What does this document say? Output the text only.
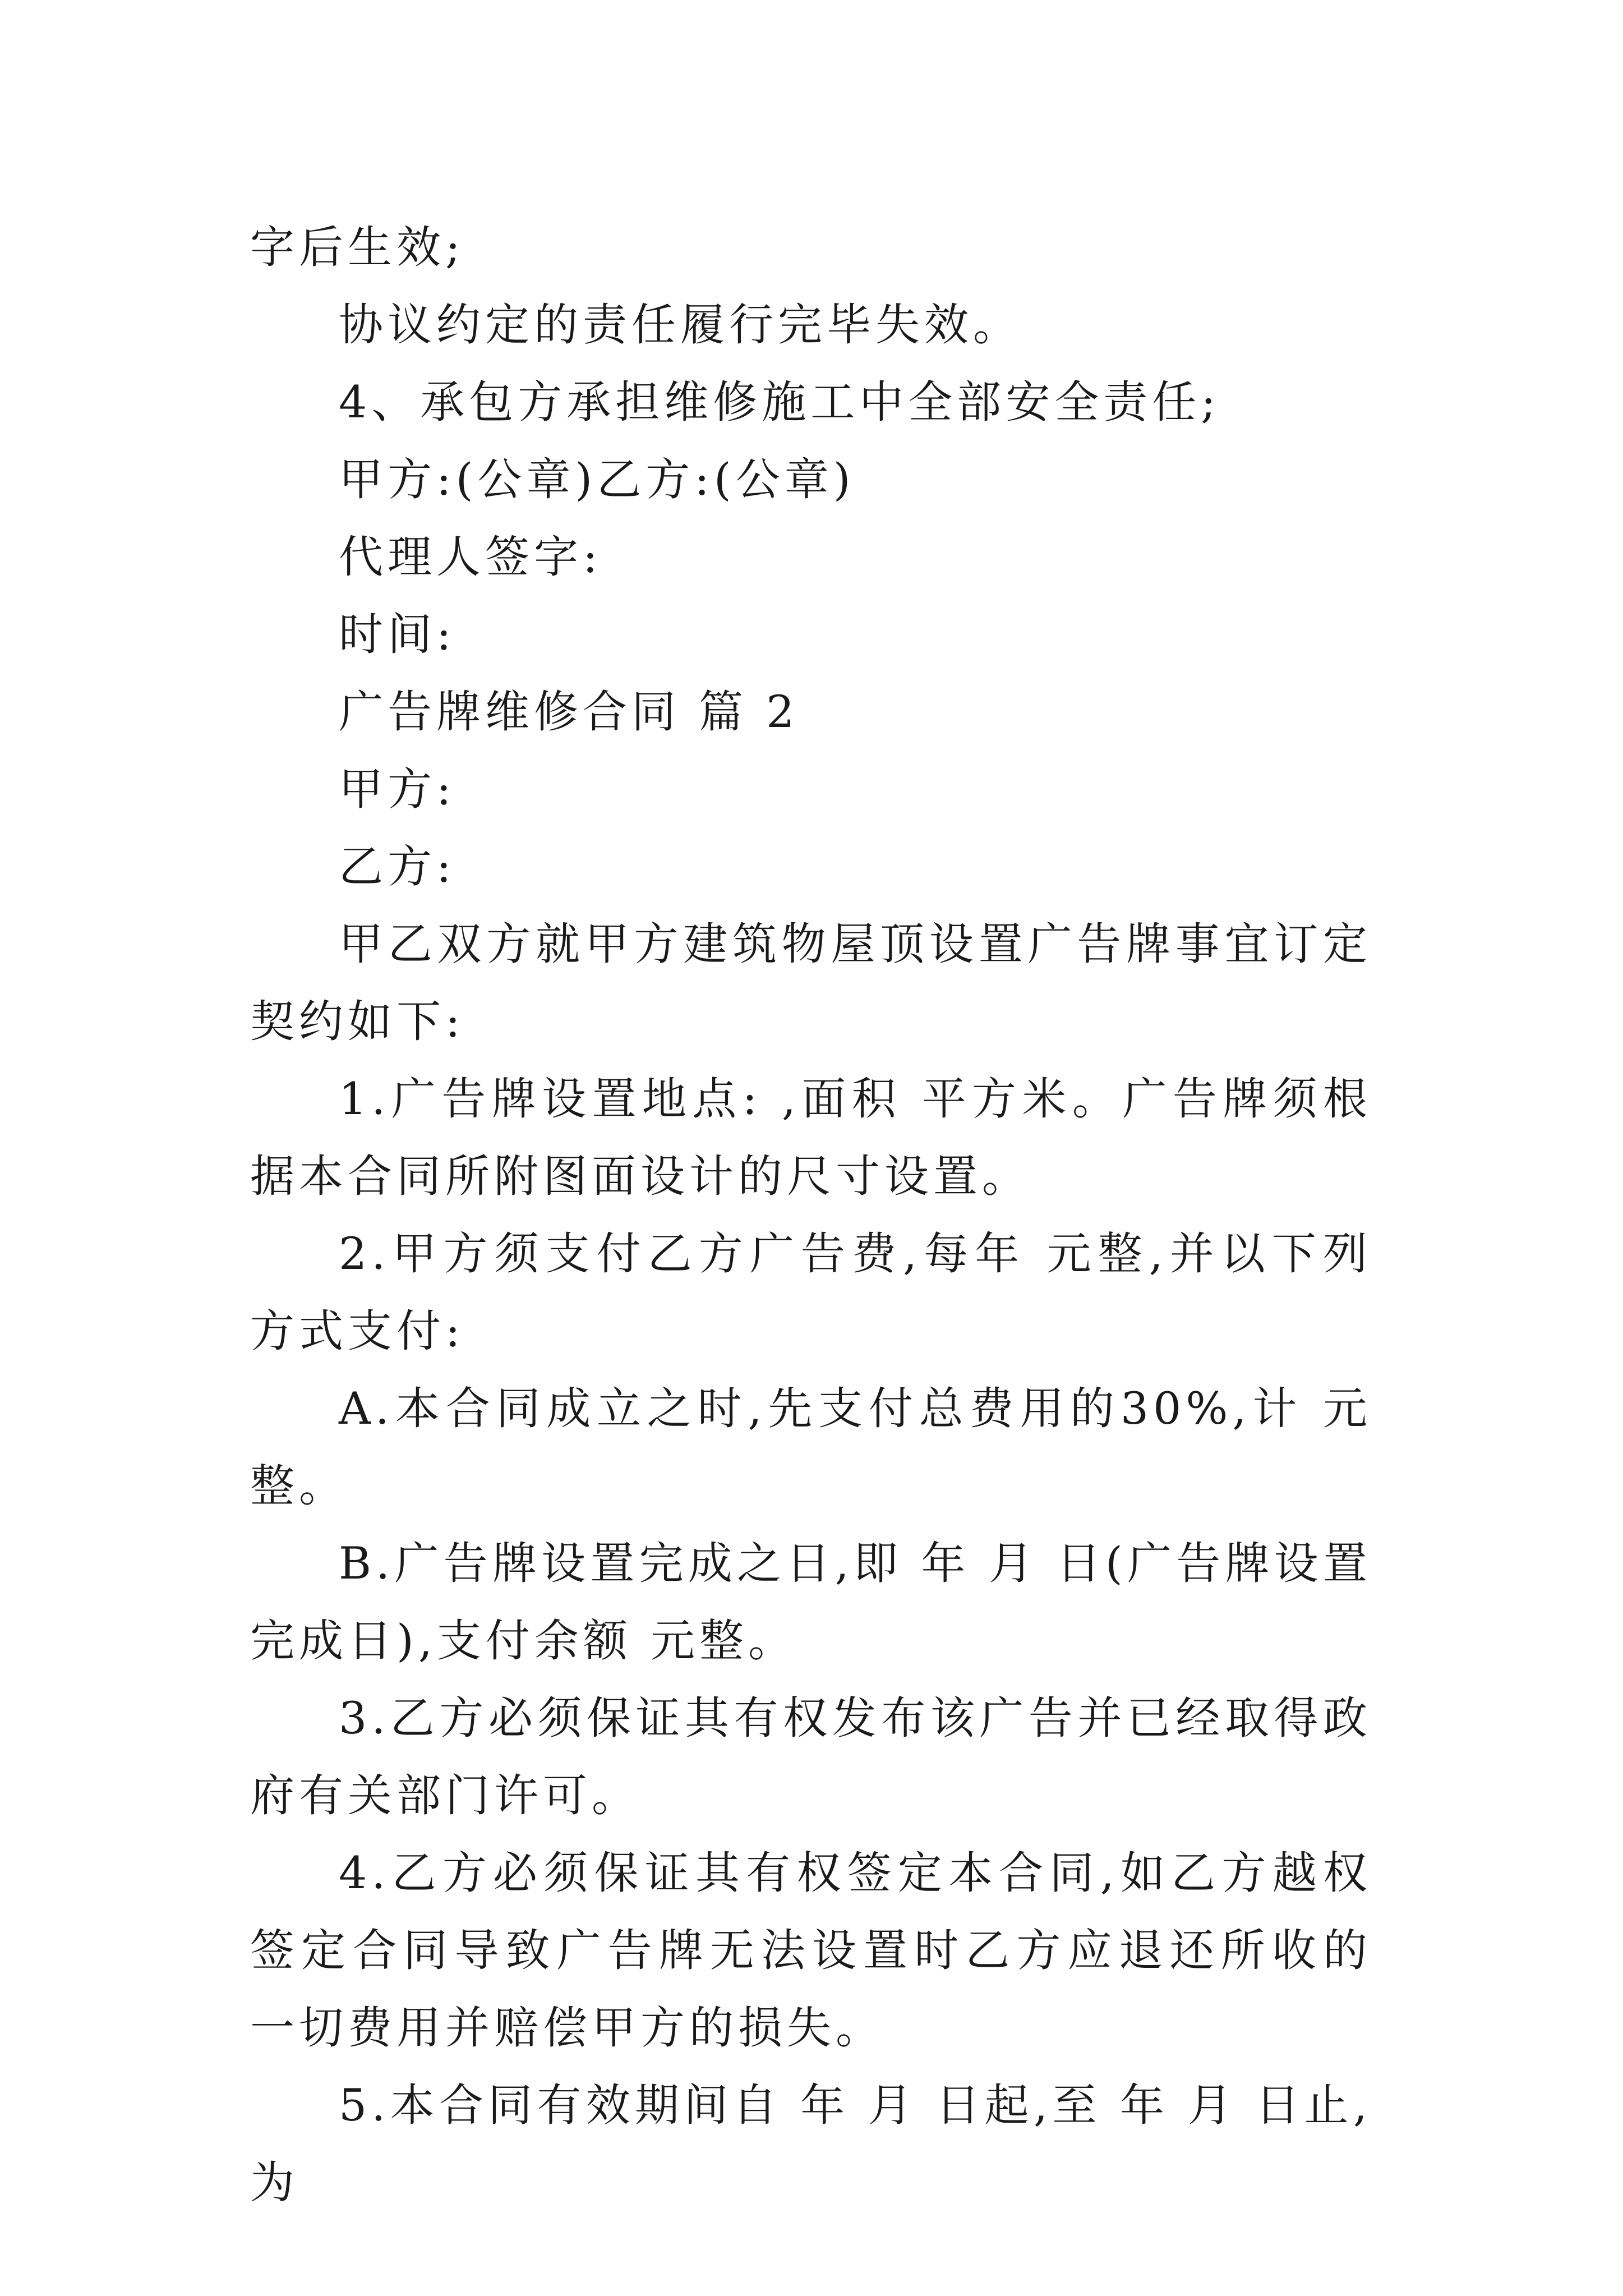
字后生效;

协议约定的责任履行完毕失效。

4、承包方承担维修施工中全部安全责任;

甲方:(公章)乙方:(公章)

代理人签字:

时间:

广告牌维修合同 篇 2

甲方:

乙方:

甲乙双方就甲方建筑物屋顶设置广告牌事宜订定契约如下:

1.广告牌设置地点: ,面积 平方米。广告牌须根据本合同所附图面设计的尺寸设置。

2.甲方须支付乙方广告费,每年 元整,并以下列方式支付:

A.本合同成立之时,先支付总费用的30%,计 元整。

B.广告牌设置完成之日,即 年 月 日(广告牌设置完成日),支付余额 元整。

3.乙方必须保证其有权发布该广告并已经取得政府有关部门许可。

4.乙方必须保证其有权签定本合同,如乙方越权签定合同导致广告牌无法设置时乙方应退还所收的一切费用并赔偿甲方的损失。

5.本合同有效期间自 年 月 日起,至 年 月 日止,为
